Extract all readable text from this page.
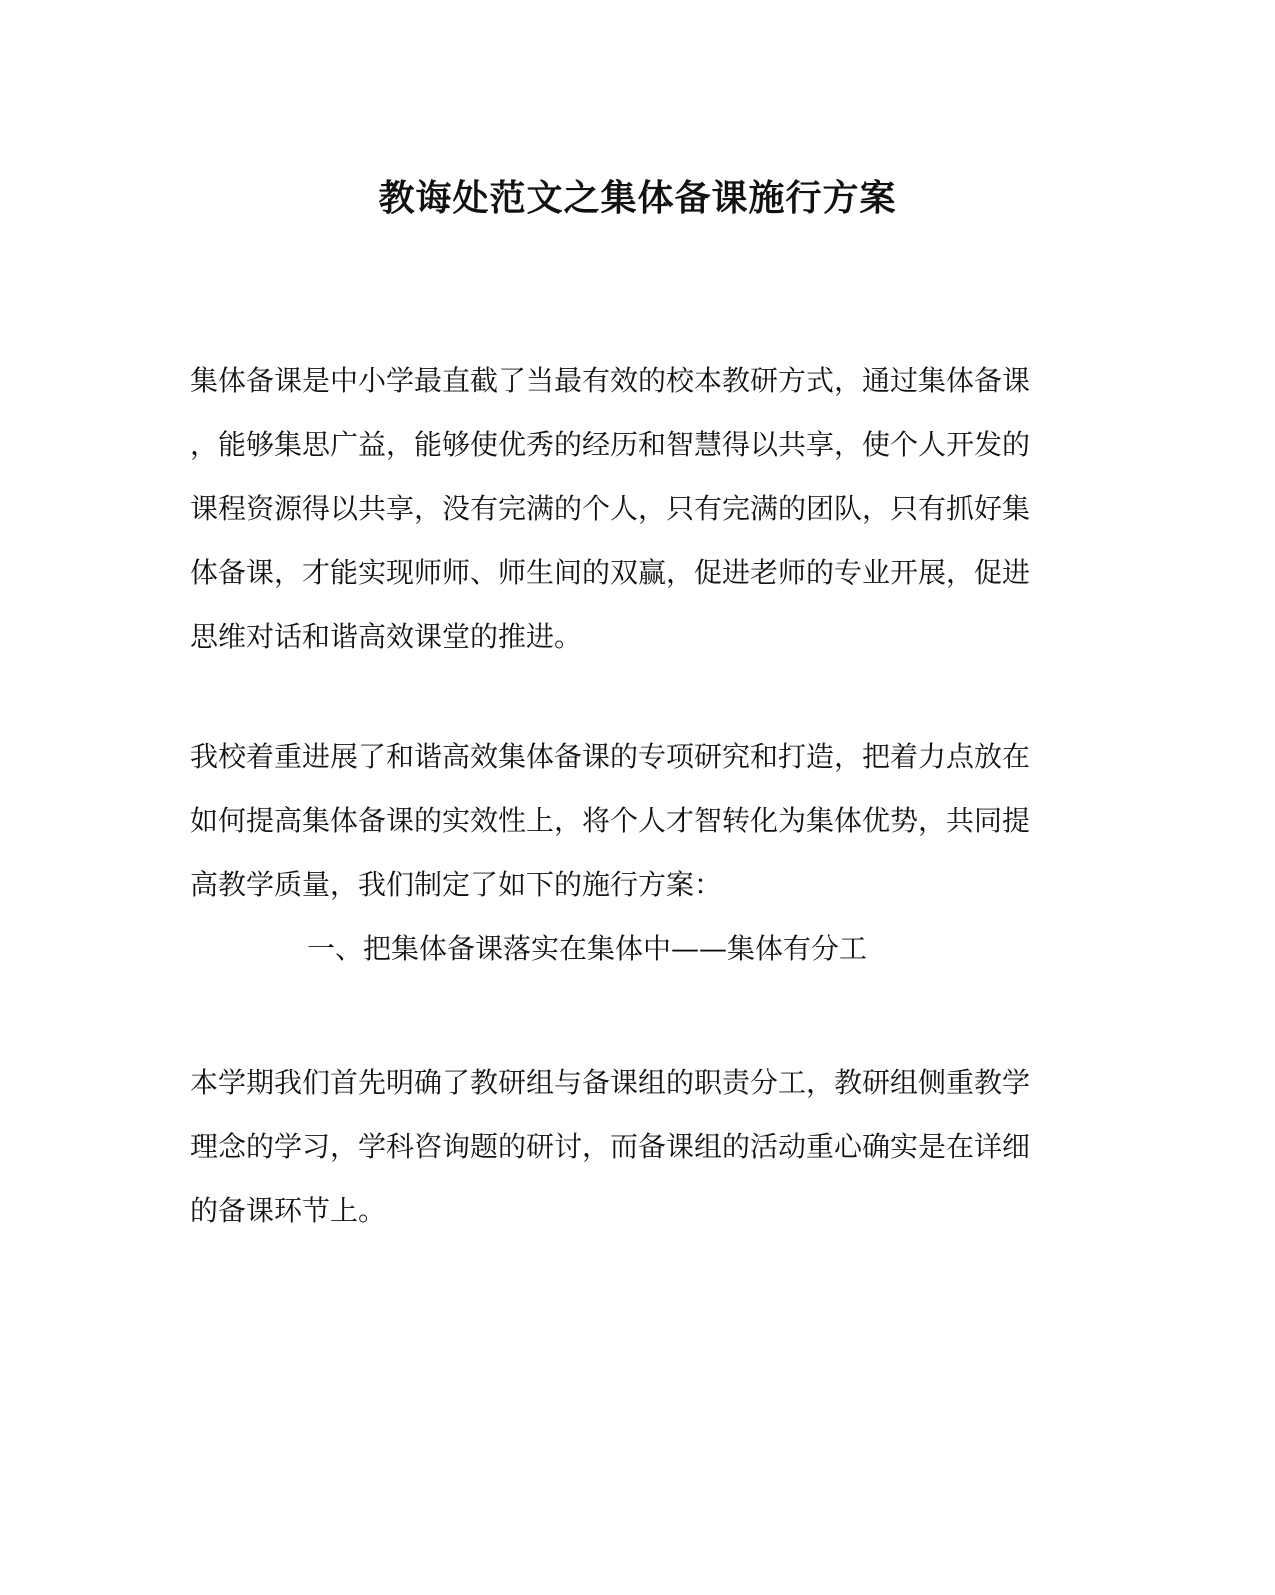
教诲处范文之集体备课施行方案
集体备课是中小学最直截了当最有效的校本教研方式，通过集体备课
，能够集思广益，能够使优秀的经历和智慧得以共享，使个人开发的
课程资源得以共享，没有完满的个人，只有完满的团队，只有抓好集
体备课，才能实现师师、师生间的双赢，促进老师的专业开展，促进
思维对话和谐高效课堂的推进。
我校着重进展了和谐高效集体备课的专项研究和打造，把着力点放在
如何提高集体备课的实效性上，将个人才智转化为集体优势，共同提
高教学质量，我们制定了如下的施行方案：
一、把集体备课落实在集体中——集体有分工
本学期我们首先明确了教研组与备课组的职责分工，教研组侧重教学
理念的学习，学科咨询题的研讨，而备课组的活动重心确实是在详细
的备课环节上。
